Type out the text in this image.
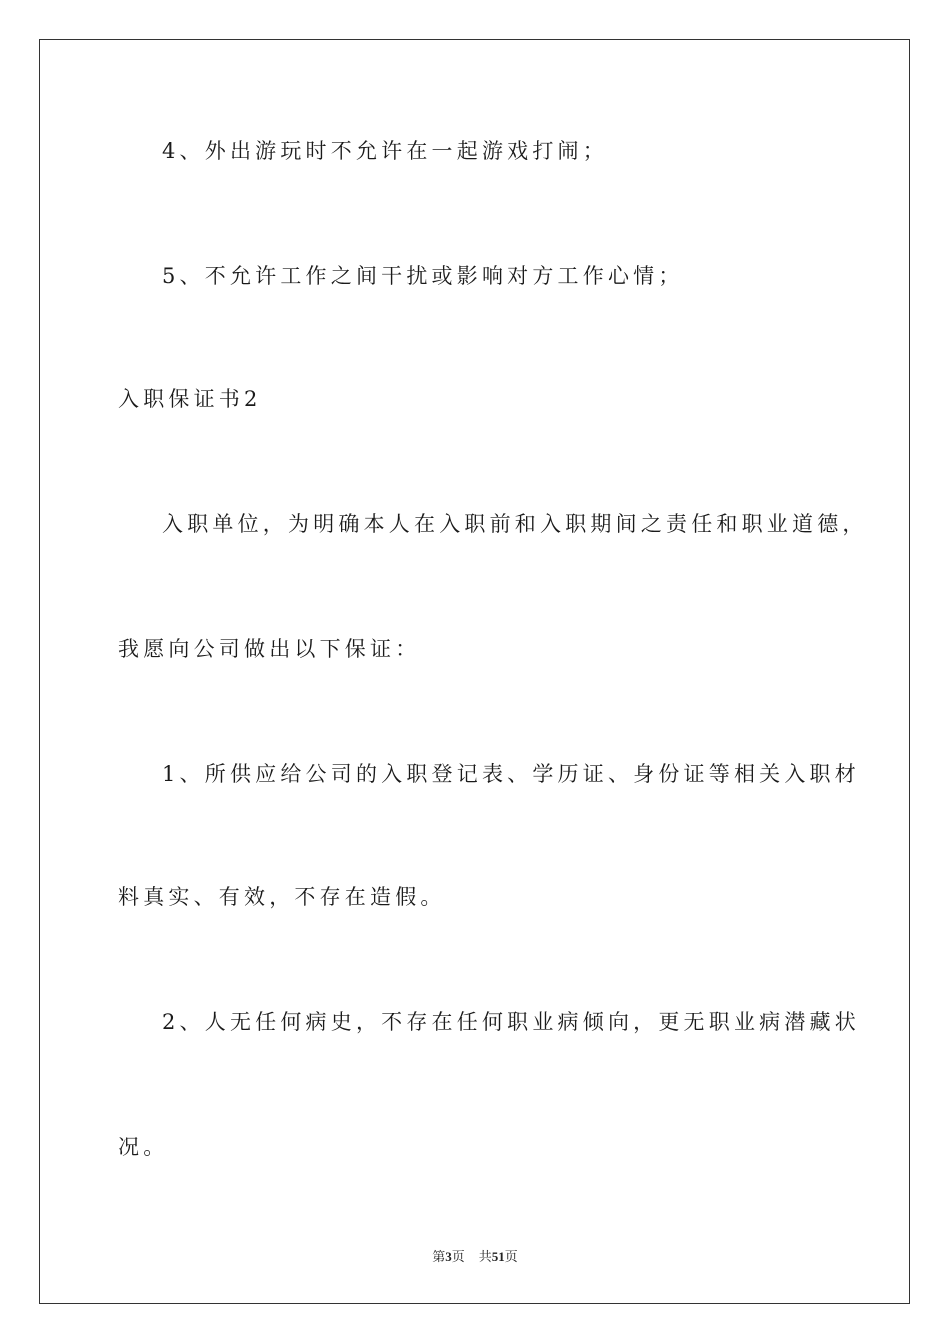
4、外出游玩时不允许在一起游戏打闹；
5、不允许工作之间干扰或影响对方工作心情；
入职保证书2
入职单位，为明确本人在入职前和入职期间之责任和职业道德，
我愿向公司做出以下保证：
1、所供应给公司的入职登记表、学历证、身份证等相关入职材
料真实、有效，不存在造假。
2、人无任何病史，不存在任何职业病倾向，更无职业病潜藏状
况。
第3页 共51页
